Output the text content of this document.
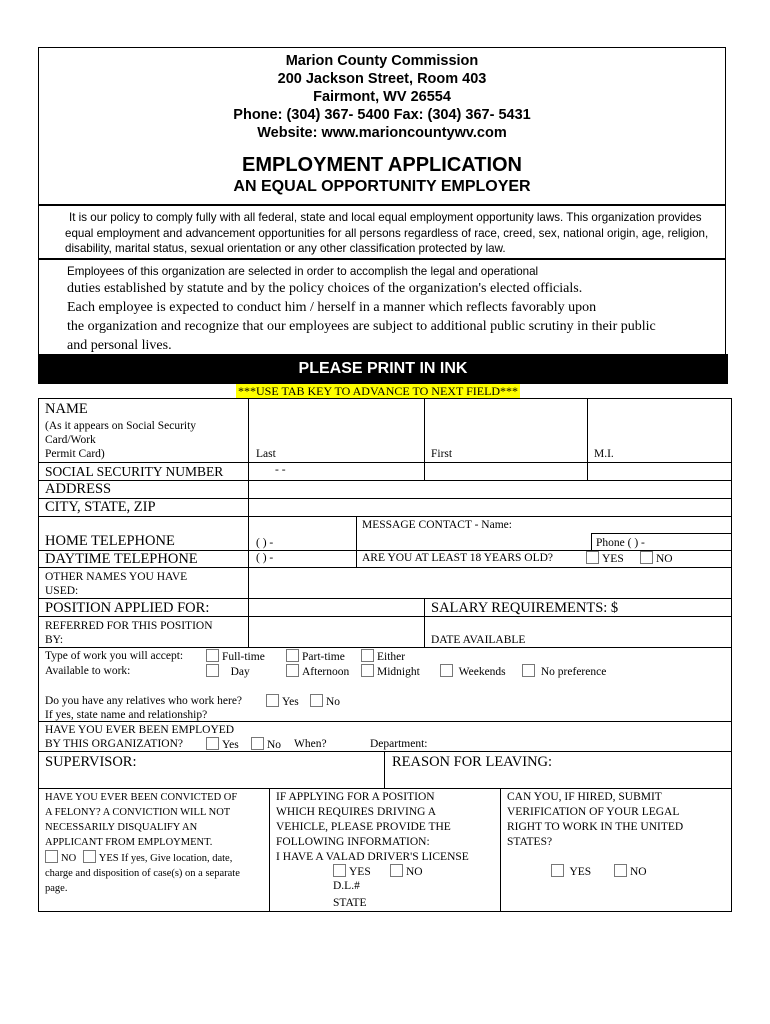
Marion County Commission
200 Jackson Street, Room 403
Fairmont, WV 26554
Phone: (304) 367- 5400 Fax: (304) 367- 5431
Website: www.marioncountywv.com
EMPLOYMENT APPLICATION
AN EQUAL OPPORTUNITY EMPLOYER
It is our policy to comply fully with all federal, state and local equal employment opportunity laws. This organization provides equal employment and advancement opportunities for all persons regardless of race, creed, sex, national origin, age, religion, disability, marital status, sexual orientation or any other classification protected by law.
Employees of this organization are selected in order to accomplish the legal and operational
duties established by statute and by the policy choices of the organization's elected officials.
Each employee is expected to conduct him / herself in a manner which reflects favorably upon
the organization and recognize that our employees are subject to additional public scrutiny in their public
and personal lives.
PLEASE PRINT IN INK
***USE TAB KEY TO ADVANCE TO NEXT FIELD***
NAME
(As it appears on Social Security
Card/Work
Permit Card)	Last	First	M.I.
SOCIAL SECURITY NUMBER	- -
ADDRESS
CITY, STATE, ZIP
MESSAGE CONTACT - Name:
HOME TELEPHONE	( ) -	Phone ( ) -
DAYTIME TELEPHONE	( ) -	ARE YOU AT LEAST 18 YEARS OLD?	YES	NO
OTHER NAMES YOU HAVE
USED:
POSITION APPLIED FOR:	SALARY REQUIREMENTS: $
REFERRED FOR THIS POSITION
BY:	DATE AVAILABLE
Type of work you will accept:	Full-time	Part-time	Either
Available to work:	Day	Afternoon	Midnight	Weekends	No preference
Do you have any relatives who work here?	Yes	No
If yes, state name and relationship?
HAVE YOU EVER BEEN EMPLOYED
BY THIS ORGANIZATION?	Yes	No When?	Department:
SUPERVISOR:	REASON FOR LEAVING:
HAVE YOU EVER BEEN CONVICTED OF
A FELONY? A CONVICTION WILL NOT
NECESSARILY DISQUALIFY AN
APPLICANT FROM EMPLOYMENT.
NO YES If yes, Give location, date,
charge and disposition of case(s) on a separate
page.
IF APPLYING FOR A POSITION
WHICH REQUIRES DRIVING A
VEHICLE, PLEASE PROVIDE THE
FOLLOWING INFORMATION:
I HAVE A VALAD DRIVER'S LICENSE
YES	NO
D.L.#
STATE
CAN YOU, IF HIRED, SUBMIT
VERIFICATION OF YOUR LEGAL
RIGHT TO WORK IN THE UNITED
STATES?
YES	NO
